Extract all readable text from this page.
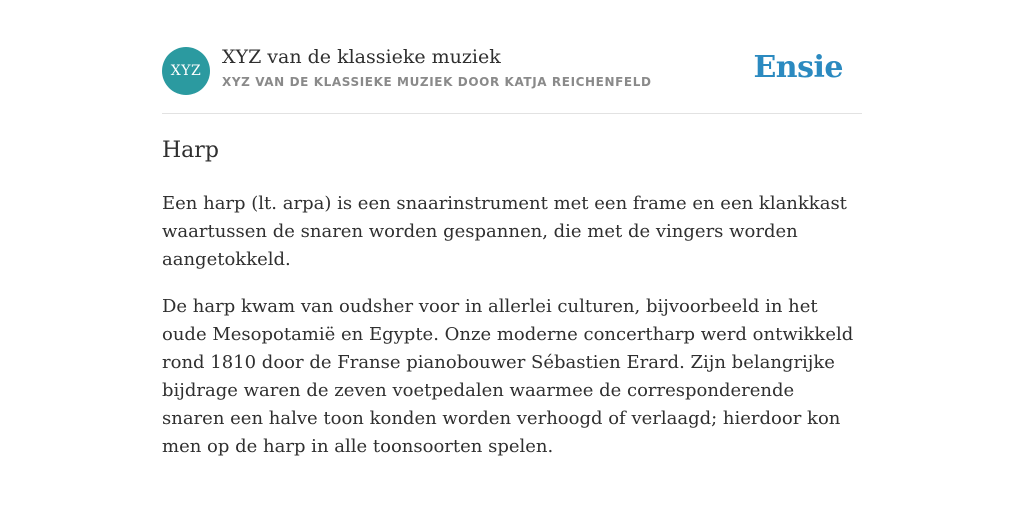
XYZ
XYZ van de klassieke muziek
XYZ VAN DE KLASSIEKE MUZIEK DOOR KATJA REICHENFELD	Ensie
Harp

Een harp (lt. arpa) is een snaarinstrument met een frame en een klankkast waartussen de snaren worden gespannen, die met de vingers worden aangetokkeld.

De harp kwam van oudsher voor in allerlei culturen, bijvoorbeeld in het oude Mesopotamië en Egypte. Onze moderne concertharp werd ontwikkeld rond 1810 door de Franse pianobouwer Sébastien Erard. Zijn belangrijke bijdrage waren de zeven voetpedalen waarmee de corresponderende snaren een halve toon konden worden verhoogd of verlaagd; hierdoor kon men op de harp in alle toonsoorten spelen.
